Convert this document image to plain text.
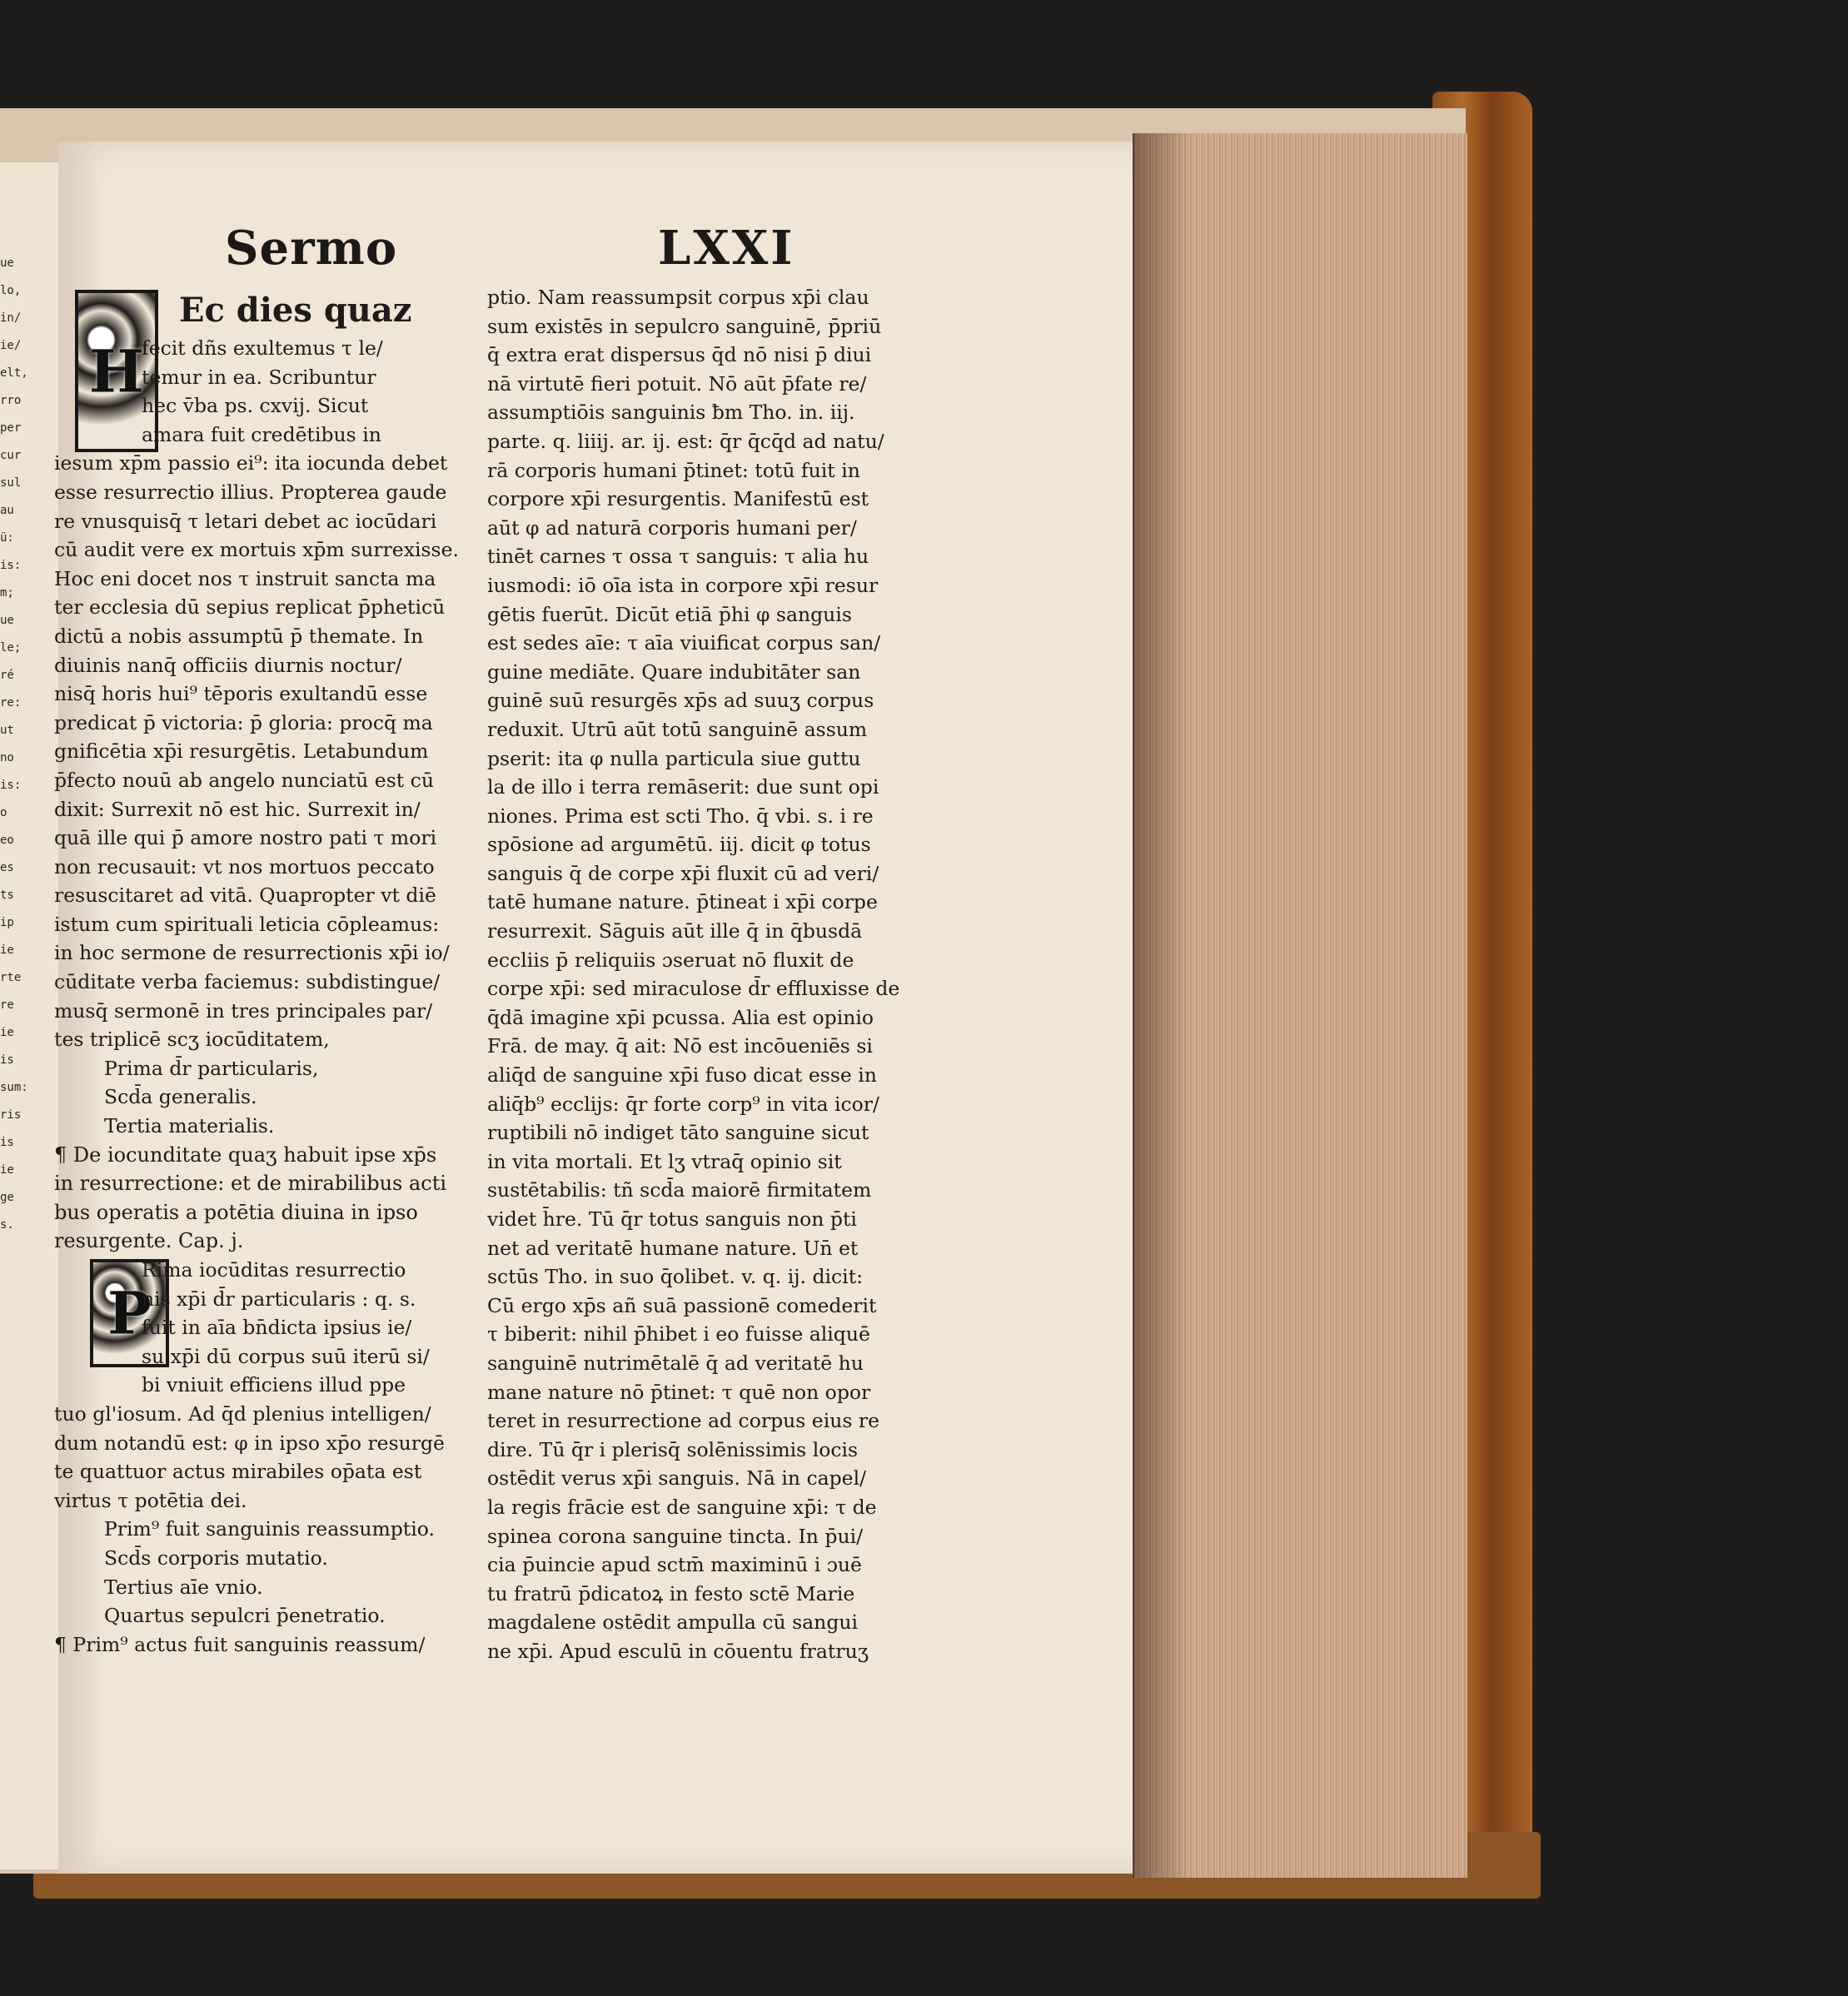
ue
lo,
in/
ie/
elt,
rro
per
cur
sul
au
ü:
is:
m;
ue
le;
ré
re:
ut
no
is:
o
eo
es
ts
ip
ie
rte
re
ie
is
sum:
ris
is
ie
ge
s.
Sermo	LXXI
H
P

Ec dies quaz

fecit dñs exultemus τ le/

temur in ea. Scribuntur

hec v̄ba ps. cxvij. Sicut

amara fuit credētibus in

iesum xp̄m passio ei⁹: ita iocunda debet

esse resurrectio illius. Propterea gaude

re vnusquisq̄ τ letari debet ac iocūdari

cū audit vere ex mortuis xp̄m surrexisse.

Hoc eni docet nos τ instruit sancta ma

ter ecclesia dū sepius replicat p̄pheticū

dictū a nobis assumptū p̄ themate. In

diuinis nanq̄ officiis diurnis noctur/

nisq̄ horis hui⁹ tēporis exultandū esse

predicat p̄ victoria: p̄ gloria: procq̄ ma

gnificētia xp̄i resurgētis. Letabundum

p̄fecto nouū ab angelo nunciatū est cū

dixit: Surrexit nō est hic. Surrexit in/

quā ille qui p̄ amore nostro pati τ mori

non recusauit: vt nos mortuos peccato

resuscitaret ad vitā. Quapropter vt diē

istum cum spirituali leticia cōpleamus:

in hoc sermone de resurrectionis xp̄i io/

cūditate verba faciemus: subdistingue/

musq̄ sermonē in tres principales par/

tes triplicē scʒ iocūditatem,

Prima d̄r particularis,

Scd̄a generalis.

Tertia materialis.

¶ De iocunditate quaʒ habuit ipse xp̄s

in resurrectione: et de mirabilibus acti

bus operatis a potētia diuina in ipso

resurgente. Cap. j.

Rima iocūditas resurrectio

nis xp̄i d̄r particularis : q. s.

fuit in aīa bn̄dicta ipsius ie/

su xp̄i dū corpus suū iterū si/

bi vniuit efficiens illud ppe

tuo gl'iosum. Ad q̄d plenius intelligen/

dum notandū est: φ in ipso xp̄o resurgē

te quattuor actus mirabiles op̄ata est

virtus τ potētia dei.

Prim⁹ fuit sanguinis reassumptio.

Scd̄s corporis mutatio.

Tertius aīe vnio.

Quartus sepulcri p̄enetratio.

¶ Prim⁹ actus fuit sanguinis reassum/

ptio. Nam reassumpsit corpus xp̄i clau

sum existēs in sepulcro sanguinē, p̄priū

q̄ extra erat dispersus q̄d nō nisi p̄ diui

nā virtutē fieri potuit. Nō aūt p̄fate re/

assumptiōis sanguinis ƀm Tho. in. iij.

parte. q. liiij. ar. ij. est: q̄r q̄cq̄d ad natu/

rā corporis humani p̄tinet: totū fuit in

corpore xp̄i resurgentis. Manifestū est

aūt φ ad naturā corporis humani per/

tinēt carnes τ ossa τ sanguis: τ alia hu

iusmodi: iō oīa ista in corpore xp̄i resur

gētis fuerūt. Dicūt etiā p̄hi φ sanguis

est sedes aīe: τ aīa viuificat corpus san/

guine mediāte. Quare indubitāter san

guinē suū resurgēs xp̄s ad suuʒ corpus

reduxit. Utrū aūt totū sanguinē assum

pserit: ita φ nulla particula siue guttu

la de illo i terra remāserit: due sunt opi

niones. Prima est scti Tho. q̄ vbi. s. i re

spōsione ad argumētū. iij. dicit φ totus

sanguis q̄ de corpe xp̄i fluxit cū ad veri/

tatē humane nature. p̄tineat i xp̄i corpe

resurrexit. Sāguis aūt ille q̄ in q̄busdā

eccliis p̄ reliquiis ɔseruat nō fluxit de

corpe xp̄i: sed miraculose d̄r effluxisse de

q̄dā imagine xp̄i pcussa. Alia est opinio

Frā. de may. q̄ ait: Nō est incōueniēs si

aliq̄d de sanguine xp̄i fuso dicat esse in

aliq̄b⁹ ecclijs: q̄r forte corp⁹ in vita icor/

ruptibili nō indiget tāto sanguine sicut

in vita mortali. Et lʒ vtraq̄ opinio sit

sustētabilis: tñ scd̄a maiorē firmitatem

videt h̄re. Tū q̄r totus sanguis non p̄ti

net ad veritatē humane nature. Un̄ et

sctūs Tho. in suo q̄olibet. v. q. ij. dicit:

Cū ergo xp̄s añ suā passionē comederit

τ biberit: nihil p̄hibet i eo fuisse aliquē

sanguinē nutrimētalē q̄ ad veritatē hu

mane nature nō p̄tinet: τ quē non opor

teret in resurrectione ad corpus eius re

dire. Tū q̄r i plerisq̄ solēnissimis locis

ostēdit verus xp̄i sanguis. Nā in capel/

la regis frācie est de sanguine xp̄i: τ de

spinea corona sanguine tincta. In p̄ui/

cia p̄uincie apud sctm̄ maximinū i ɔuē

tu fratrū p̄dicatoꝝ in festo sctē Marie

magdalene ostēdit ampulla cū sangui

ne xp̄i. Apud esculū in cōuentu fratruʒ
